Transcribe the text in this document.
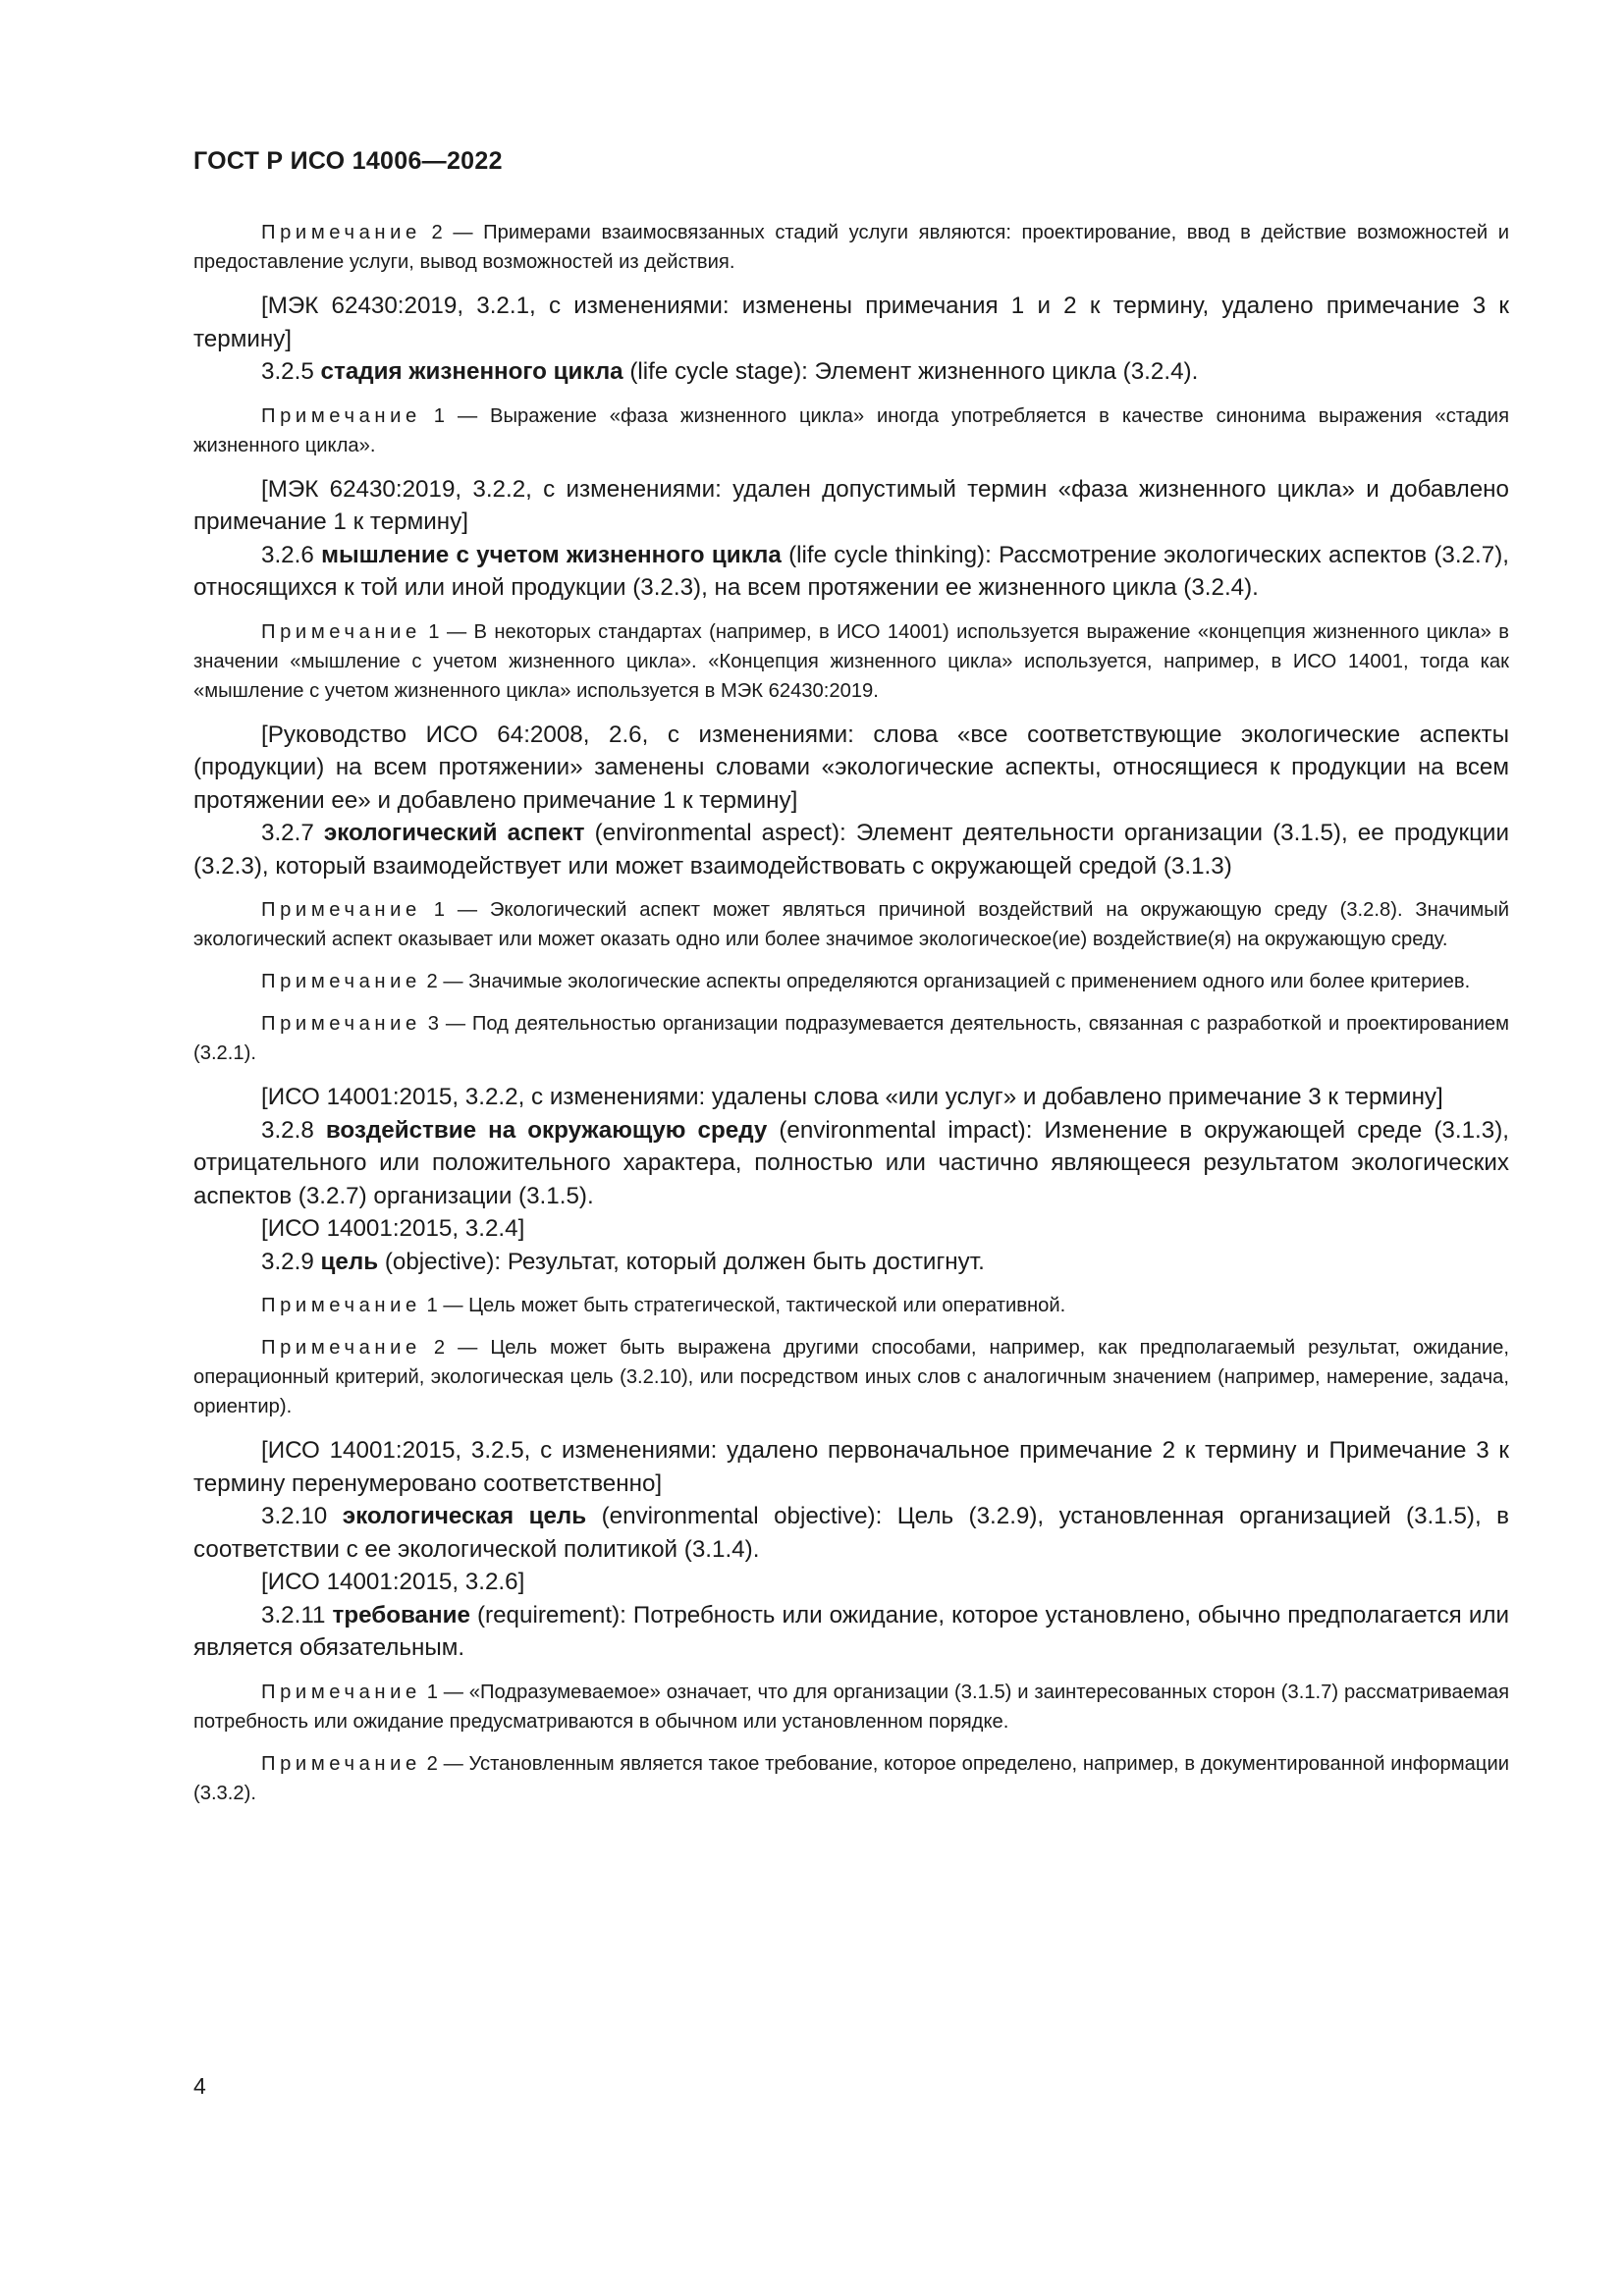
ГОСТ Р ИСО 14006—2022

Примечание 2 — Примерами взаимосвязанных стадий услуги являются: проектирование, ввод в действие возможностей и предоставление услуги, вывод возможностей из действия.

[МЭК 62430:2019, 3.2.1, с изменениями: изменены примечания 1 и 2 к термину, удалено примечание 3 к термину]

3.2.5 стадия жизненного цикла (life cycle stage): Элемент жизненного цикла (3.2.4).

Примечание 1 — Выражение «фаза жизненного цикла» иногда употребляется в качестве синонима выражения «стадия жизненного цикла».

[МЭК 62430:2019, 3.2.2, с изменениями: удален допустимый термин «фаза жизненного цикла» и добавлено примечание 1 к термину]

3.2.6 мышление с учетом жизненного цикла (life cycle thinking): Рассмотрение экологических аспектов (3.2.7), относящихся к той или иной продукции (3.2.3), на всем протяжении ее жизненного цикла (3.2.4).

Примечание 1 — В некоторых стандартах (например, в ИСО 14001) используется выражение «концепция жизненного цикла» в значении «мышление с учетом жизненного цикла». «Концепция жизненного цикла» используется, например, в ИСО 14001, тогда как «мышление с учетом жизненного цикла» используется в МЭК 62430:2019.

[Руководство ИСО 64:2008, 2.6, с изменениями: слова «все соответствующие экологические аспекты (продукции) на всем протяжении» заменены словами «экологические аспекты, относящиеся к продукции на всем протяжении ее» и добавлено примечание 1 к термину]

3.2.7 экологический аспект (environmental aspect): Элемент деятельности организации (3.1.5), ее продукции (3.2.3), который взаимодействует или может взаимодействовать с окружающей средой (3.1.3)

Примечание 1 — Экологический аспект может являться причиной воздействий на окружающую среду (3.2.8). Значимый экологический аспект оказывает или может оказать одно или более значимое экологическое(ие) воздействие(я) на окружающую среду.

Примечание 2 — Значимые экологические аспекты определяются организацией с применением одного или более критериев.

Примечание 3 — Под деятельностью организации подразумевается деятельность, связанная с разработкой и проектированием (3.2.1).

[ИСО 14001:2015, 3.2.2, с изменениями: удалены слова «или услуг» и добавлено примечание 3 к термину]

3.2.8 воздействие на окружающую среду (environmental impact): Изменение в окружающей среде (3.1.3), отрицательного или положительного характера, полностью или частично являющееся результатом экологических аспектов (3.2.7) организации (3.1.5).

[ИСО 14001:2015, 3.2.4]

3.2.9 цель (objective): Результат, который должен быть достигнут.

Примечание 1 — Цель может быть стратегической, тактической или оперативной.

Примечание 2 — Цель может быть выражена другими способами, например, как предполагаемый результат, ожидание, операционный критерий, экологическая цель (3.2.10), или посредством иных слов с аналогичным значением (например, намерение, задача, ориентир).

[ИСО 14001:2015, 3.2.5, с изменениями: удалено первоначальное примечание 2 к термину и Примечание 3 к термину перенумеровано соответственно]

3.2.10 экологическая цель (environmental objective): Цель (3.2.9), установленная организацией (3.1.5), в соответствии с ее экологической политикой (3.1.4).

[ИСО 14001:2015, 3.2.6]

3.2.11 требование (requirement): Потребность или ожидание, которое установлено, обычно предполагается или является обязательным.

Примечание 1 — «Подразумеваемое» означает, что для организации (3.1.5) и заинтересованных сторон (3.1.7) рассматриваемая потребность или ожидание предусматриваются в обычном или установленном порядке.

Примечание 2 — Установленным является такое требование, которое определено, например, в документированной информации (3.3.2).

4
